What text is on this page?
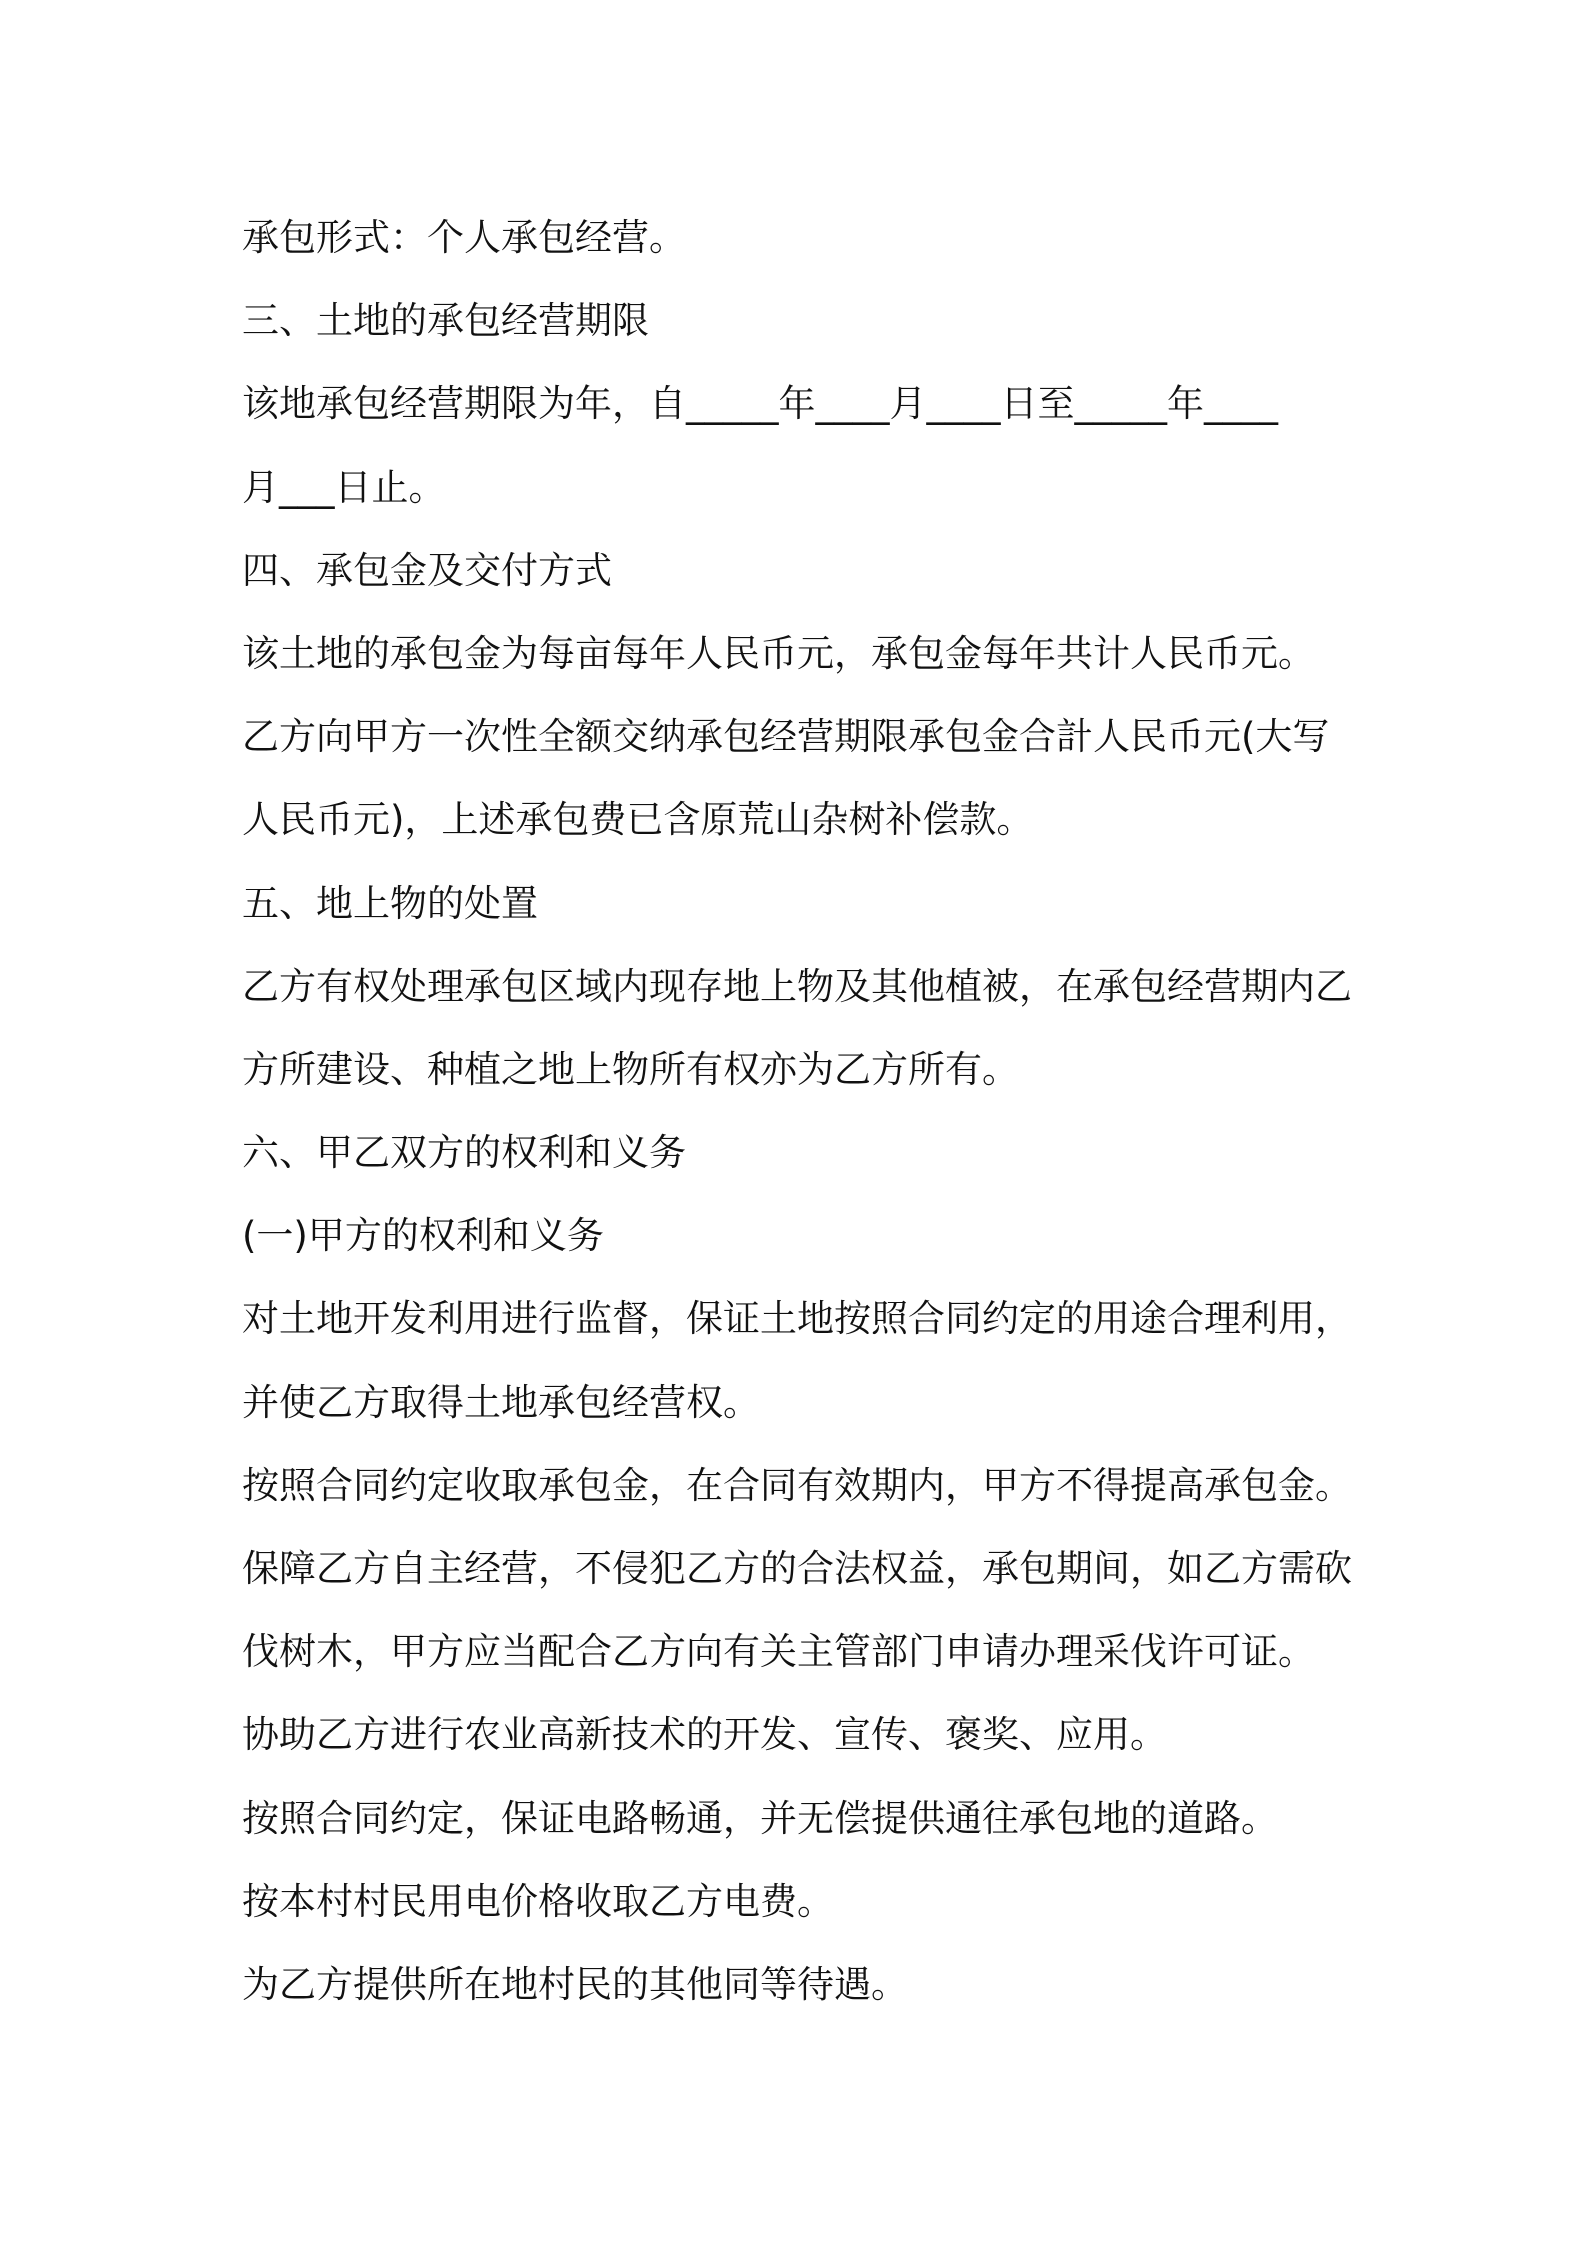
承包形式：个人承包经营。
三、土地的承包经营期限
该地承包经营期限为年，自_____年____月____日至_____年____
月___日止。
四、承包金及交付方式
该土地的承包金为每亩每年人民币元，承包金每年共计人民币元。
乙方向甲方一次性全额交纳承包经营期限承包金合計人民币元(大写
人民币元)，上述承包费已含原荒山杂树补偿款。
五、地上物的处置
乙方有权处理承包区域内现存地上物及其他植被，在承包经营期内乙
方所建设、种植之地上物所有权亦为乙方所有。
六、甲乙双方的权利和义务
(一)甲方的权利和义务
对土地开发利用进行监督，保证土地按照合同约定的用途合理利用，
并使乙方取得土地承包经营权。
按照合同约定收取承包金，在合同有效期内，甲方不得提高承包金。
保障乙方自主经营，不侵犯乙方的合法权益，承包期间，如乙方需砍
伐树木，甲方应当配合乙方向有关主管部门申请办理采伐许可证。
协助乙方进行农业高新技术的开发、宣传、褒奖、应用。
按照合同约定，保证电路畅通，并无偿提供通往承包地的道路。
按本村村民用电价格收取乙方电费。
为乙方提供所在地村民的其他同等待遇。
